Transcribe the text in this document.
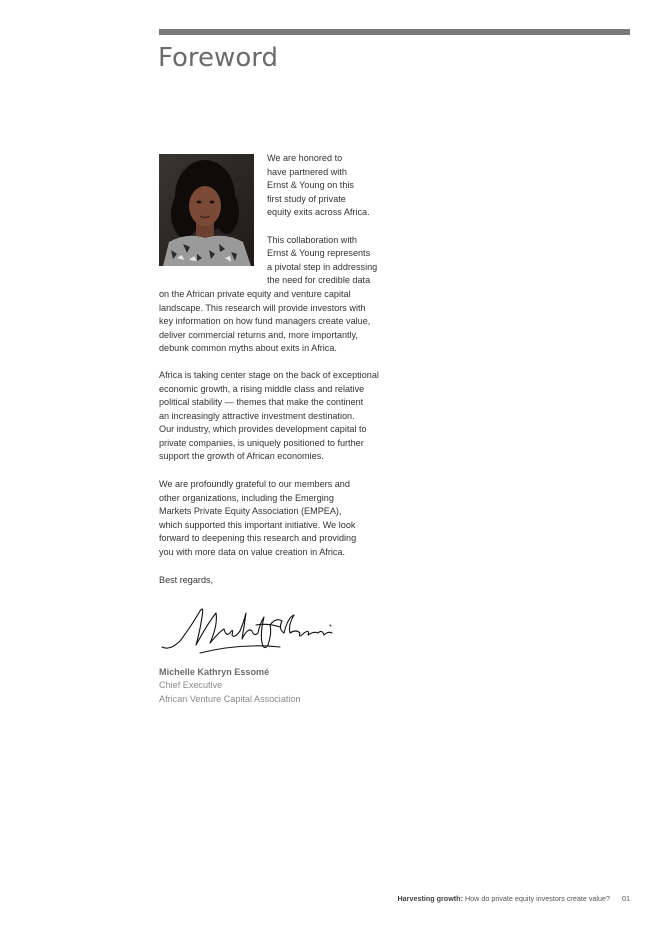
Foreword

We are honored to
have partnered with
Ernst & Young on this
first study of private
equity exits across Africa.

This collaboration with
Ernst & Young represents
a pivotal step in addressing
the need for credible data

on the African private equity and venture capital
landscape. This research will provide investors with
key information on how fund managers create value,
deliver commercial returns and, more importantly,
debunk common myths about exits in Africa.
Africa is taking center stage on the back of exceptional
economic growth, a rising middle class and relative
political stability — themes that make the continent
an increasingly attractive investment destination.
Our industry, which provides development capital to
private companies, is uniquely positioned to further
support the growth of African economies.
We are profoundly grateful to our members and
other organizations, including the Emerging
Markets Private Equity Association (EMPEA),
which supported this important initiative. We look
forward to deepening this research and providing
you with more data on value creation in Africa.
Best regards,
Michelle Kathryn Essomé
Chief Executive
African Venture Capital Association
Harvesting growth: How do private equity investors create value? 01
